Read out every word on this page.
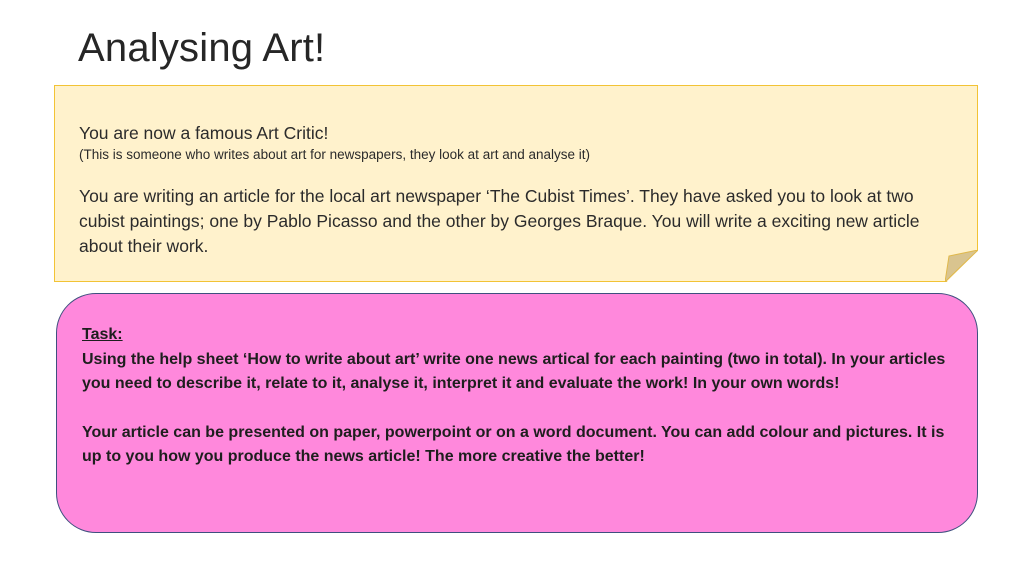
Analysing Art!
You are now a famous Art Critic!
(This is someone who writes about art for newspapers, they look at art and analyse it)
You are writing an article for the local art newspaper ‘The Cubist Times’. They have asked you to look at two cubist paintings; one by Pablo Picasso and the other by Georges Braque. You will write a exciting new article about their work.
Task:
Using the help sheet ‘How to write about art’ write one news artical for each painting (two in total). In your articles you need to describe it, relate to it, analyse it, interpret it and evaluate the work! In your own words!
Your article can be presented on paper, powerpoint or on a word document. You can add colour and pictures. It is up to you how you produce the news article! The more creative the better!
